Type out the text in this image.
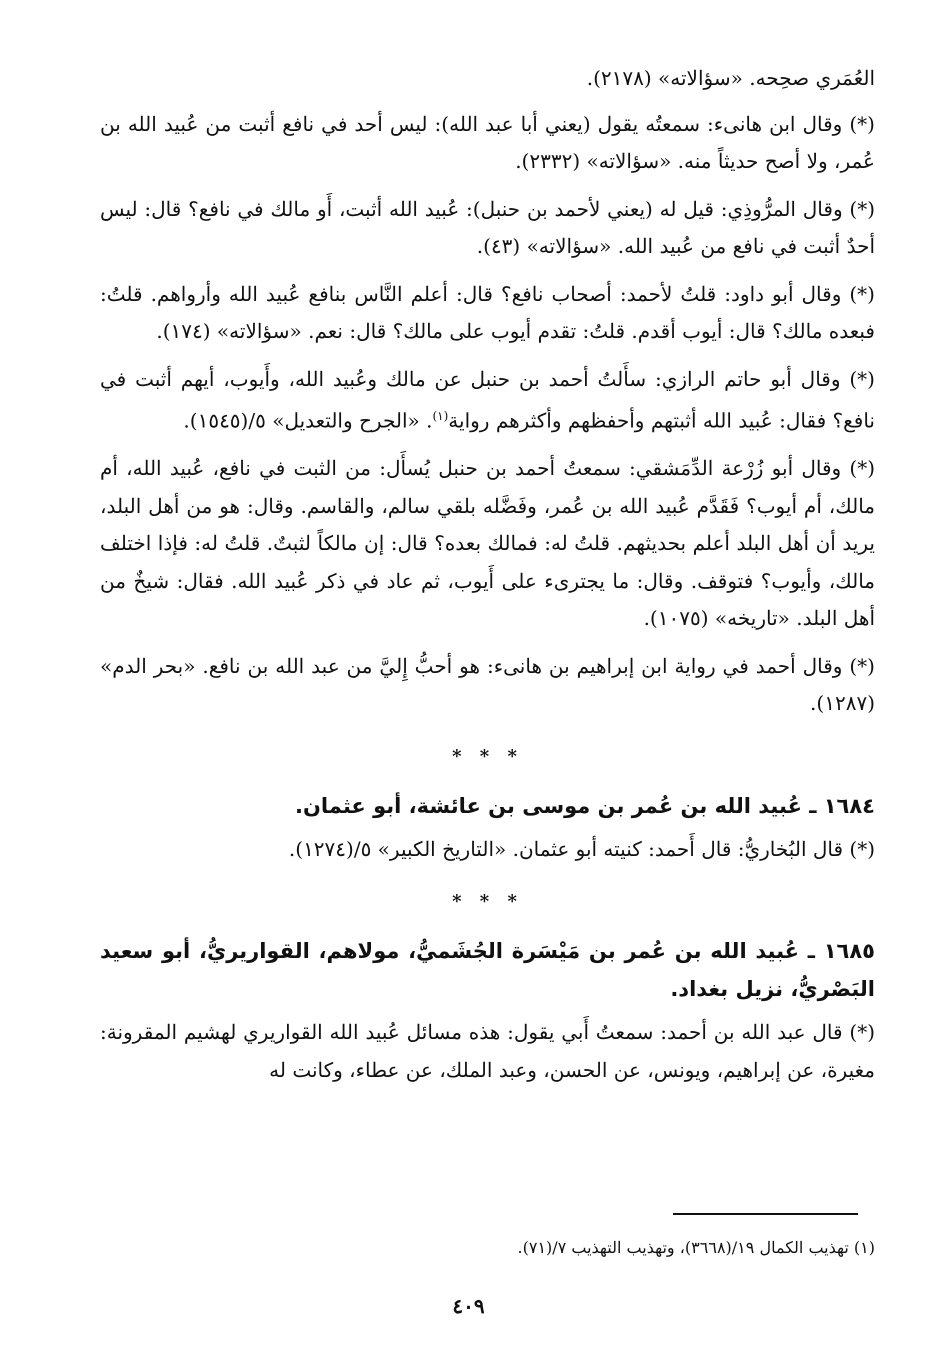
العُمَري صحِحه. «سؤالاته» (٢١٧٨).

(*) وقال ابن هانىء: سمعتُه يقول (يعني أبا عبد الله): ليس أحد في نافع أثبت من عُبيد الله بن عُمر، ولا أصح حديثاً منه. «سؤالاته» (٢٣٣٢).

(*) وقال المرُّوذِي: قيل له (يعني لأحمد بن حنبل): عُبيد الله أثبت، أَو مالك في نافع؟ قال: ليس أحدٌ أثبت في نافع من عُبيد الله. «سؤالاته» (٤٣).

(*) وقال أبو داود: قلتُ لأحمد: أصحاب نافع؟ قال: أعلم النَّاس بنافع عُبيد الله وأرواهم. قلتُ: فبعده مالك؟ قال: أيوب أقدم. قلتُ: تقدم أيوب على مالك؟ قال: نعم. «سؤالاته» (١٧٤).

(*) وقال أبو حاتم الرازي: سأَلتُ أحمد بن حنبل عن مالك وعُبيد الله، وأَيوب، أيهم أثبت في نافع؟ فقال: عُبيد الله أثبتهم وأحفظهم وأكثرهم رواية$^{(١)}$. «الجرح والتعديل» ٥/(١٥٤٥).

(*) وقال أبو زُرْعة الدِّمَشقي: سمعتُ أحمد بن حنبل يُسأَل: من الثبت في نافع، عُبيد الله، أم مالك، أم أيوب؟ فَقَدَّم عُبيد الله بن عُمر، وفَضَّله بلقي سالم، والقاسم. وقال: هو من أهل البلد، يريد أن أهل البلد أعلم بحديثهم. قلتُ له: فمالك بعده؟ قال: إن مالكاً لثبتٌ. قلتُ له: فإذا اختلف مالك، وأيوب؟ فتوقف. وقال: ما يجترىء على أَيوب، ثم عاد في ذكر عُبيد الله. فقال: شيخٌ من أهل البلد. «تاريخه» (١٠٧٥).

(*) وقال أحمد في رواية ابن إبراهيم بن هانىء: هو أحبُّ إِليَّ من عبد الله بن نافع. «بحر الدم» (١٢٨٧).

* * *
١٦٨٤ ـ عُبيد الله بن عُمر بن موسى بن عائشة، أبو عثمان.

(*) قال البُخاريُّ: قال أَحمد: كنيته أبو عثمان. «التاريخ الكبير» ٥/(١٢٧٤).

* * *
١٦٨٥ ـ عُبيد الله بن عُمر بن مَيْسَرة الجُشَميُّ، مولاهم، القواريريُّ، أبو سعيد البَصْريُّ، نزيل بغداد.

(*) قال عبد الله بن أحمد: سمعتُ أَبي يقول: هذه مسائل عُبيد الله القواريري لهشيم المقرونة: مغيرة، عن إبراهيم، ويونس، عن الحسن، وعبد الملك، عن عطاء، وكانت له

(١) تهذيب الكمال ١٩/(٣٦٦٨)، وتهذيب التهذيب ٧/(٧١).
٤٠٩
